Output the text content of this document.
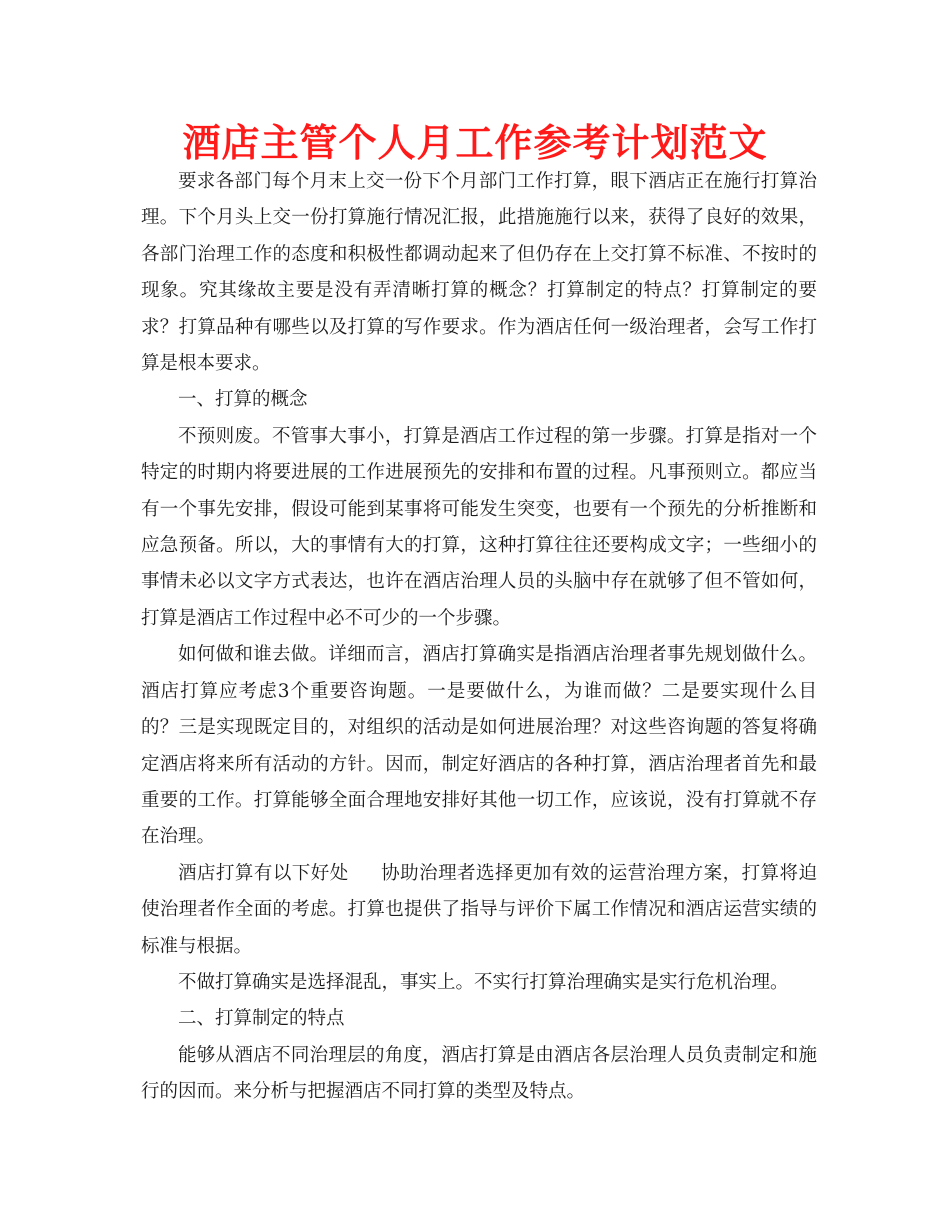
酒店主管个人月工作参考计划范文

要求各部门每个月末上交一份下个月部门工作打算，眼下酒店正在施行打算治理。下个月头上交一份打算施行情况汇报，此措施施行以来，获得了良好的效果，各部门治理工作的态度和积极性都调动起来了但仍存在上交打算不标准、不按时的现象。究其缘故主要是没有弄清晰打算的概念？打算制定的特点？打算制定的要求？打算品种有哪些以及打算的写作要求。作为酒店任何一级治理者，会写工作打算是根本要求。

一、打算的概念

不预则废。不管事大事小，打算是酒店工作过程的第一步骤。打算是指对一个特定的时期内将要进展的工作进展预先的安排和布置的过程。凡事预则立。都应当有一个事先安排，假设可能到某事将可能发生突变，也要有一个预先的分析推断和应急预备。所以，大的事情有大的打算，这种打算往往还要构成文字；一些细小的事情未必以文字方式表达，也许在酒店治理人员的头脑中存在就够了但不管如何，打算是酒店工作过程中必不可少的一个步骤。

如何做和谁去做。详细而言，酒店打算确实是指酒店治理者事先规划做什么。酒店打算应考虑3个重要咨询题。一是要做什么，为谁而做？二是要实现什么目的？三是实现既定目的，对组织的活动是如何进展治理？对这些咨询题的答复将确定酒店将来所有活动的方针。因而，制定好酒店的各种打算，酒店治理者首先和最重要的工作。打算能够全面合理地安排好其他一切工作，应该说，没有打算就不存在治理。

酒店打算有以下好处 协助治理者选择更加有效的运营治理方案，打算将迫使治理者作全面的考虑。打算也提供了指导与评价下属工作情况和酒店运营实绩的标准与根据。

不做打算确实是选择混乱，事实上。不实行打算治理确实是实行危机治理。

二、打算制定的特点

能够从酒店不同治理层的角度，酒店打算是由酒店各层治理人员负责制定和施行的因而。来分析与把握酒店不同打算的类型及特点。
